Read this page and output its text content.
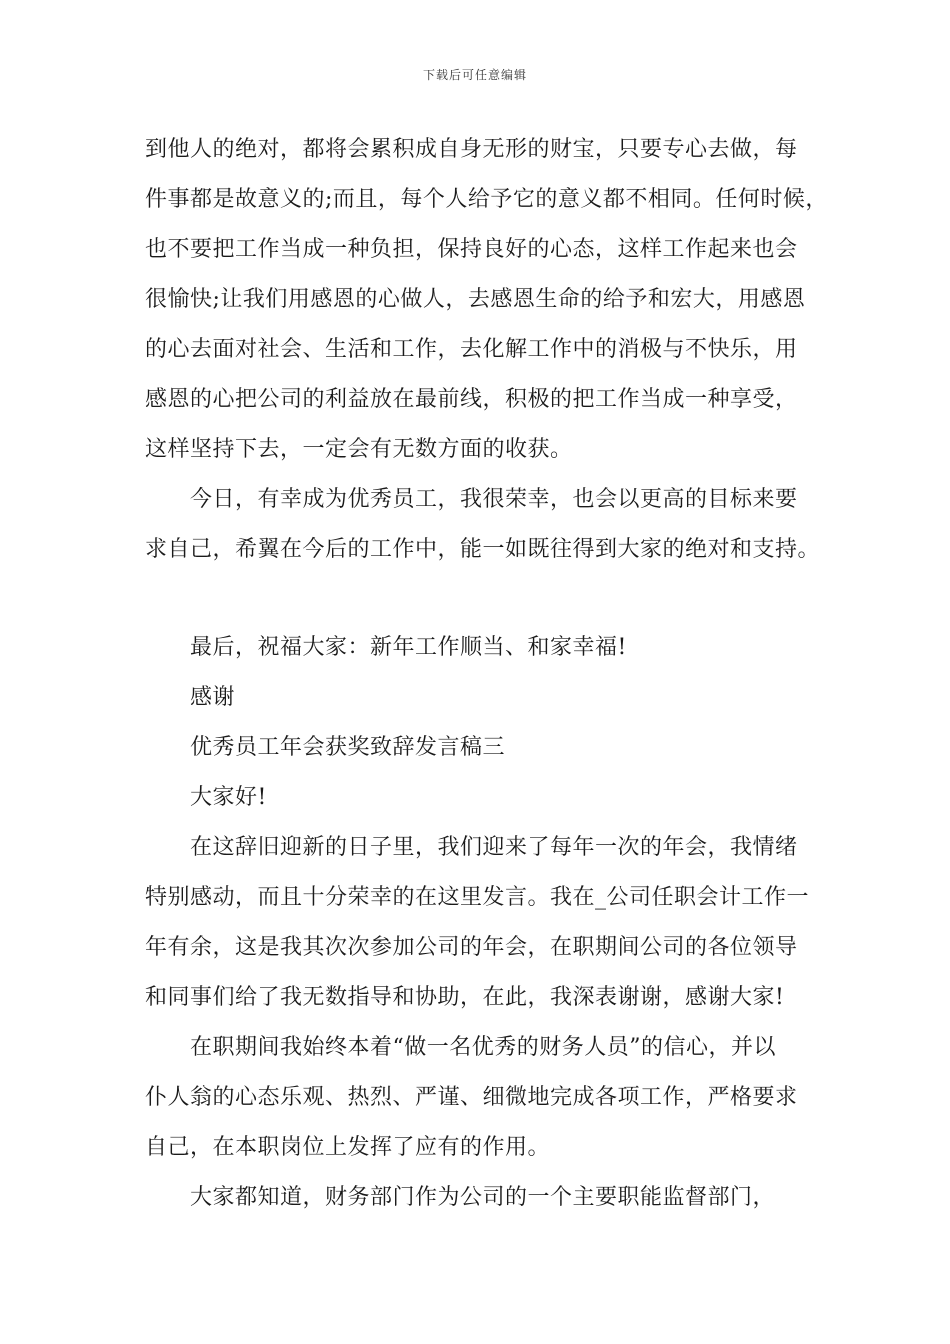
下载后可任意编辑
到他人的绝对，都将会累积成自身无形的财宝，只要专心去做，每
件事都是故意义的;而且，每个人给予它的意义都不相同。任何时候，
也不要把工作当成一种负担，保持良好的心态，这样工作起来也会
很愉快;让我们用感恩的心做人，去感恩生命的给予和宏大，用感恩
的心去面对社会、生活和工作，去化解工作中的消极与不快乐，用
感恩的心把公司的利益放在最前线，积极的把工作当成一种享受，
这样坚持下去，一定会有无数方面的收获。
今日，有幸成为优秀员工，我很荣幸，也会以更高的目标来要
求自己，希翼在今后的工作中，能一如既往得到大家的绝对和支持。
最后，祝福大家：新年工作顺当、和家幸福!
感谢
优秀员工年会获奖致辞发言稿三
大家好!
在这辞旧迎新的日子里，我们迎来了每年一次的年会，我情绪
特别感动，而且十分荣幸的在这里发言。我在_公司任职会计工作一
年有余，这是我其次次参加公司的年会，在职期间公司的各位领导
和同事们给了我无数指导和协助，在此，我深表谢谢，感谢大家!
在职期间我始终本着“做一名优秀的财务人员”的信心，并以
仆人翁的心态乐观、热烈、严谨、细微地完成各项工作，严格要求
自己，在本职岗位上发挥了应有的作用。
大家都知道，财务部门作为公司的一个主要职能监督部门，
